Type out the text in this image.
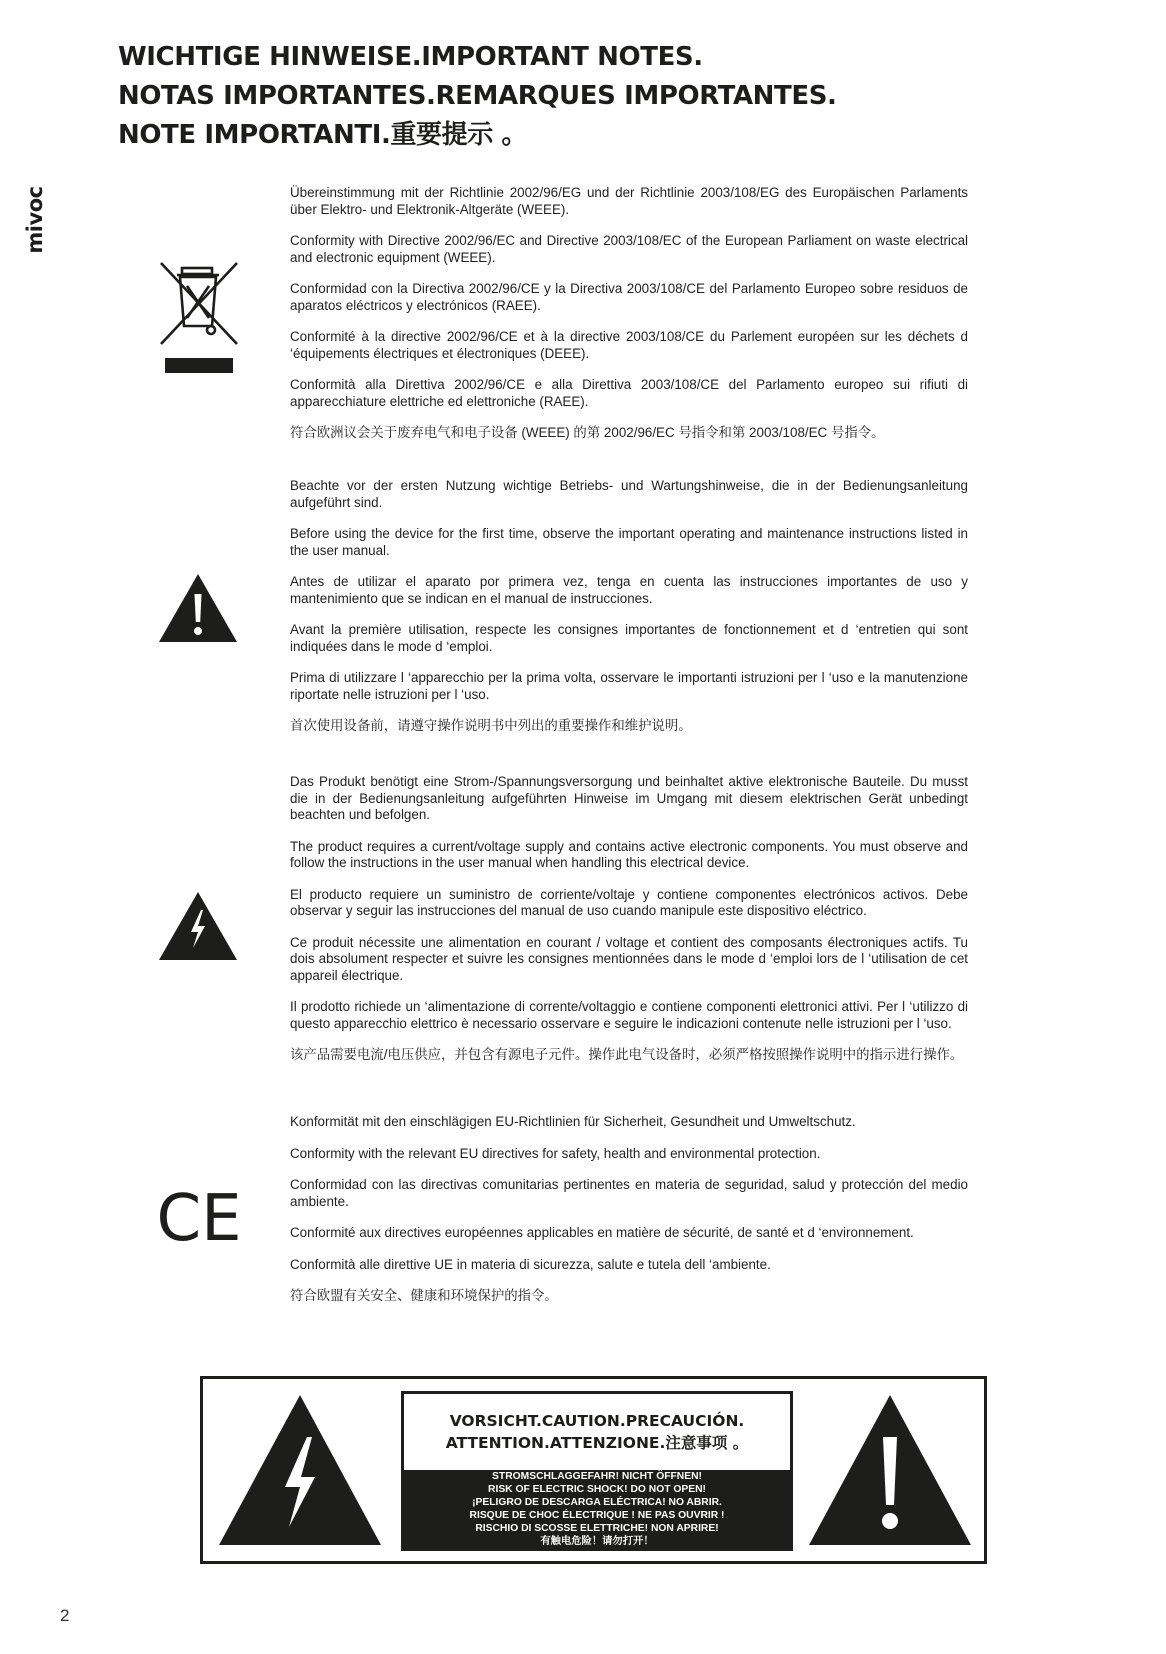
WICHTIGE HINWEISE.IMPORTANT NOTES.
NOTAS IMPORTANTES.REMARQUES IMPORTANTES.
NOTE IMPORTANTI.重要提示 。
mivoc	Übereinstimmung mit der Richtlinie 2002/96/EG und der Richtlinie 2003/108/EG des Europäischen Parlaments über Elektro- und Elektronik-Altgeräte (WEEE).

Conformity with Directive 2002/96/EC and Directive 2003/108/EC of the European Parliament on waste electrical and electronic equipment (WEEE).

Conformidad con la Directiva 2002/96/CE y la Directiva 2003/108/CE del Parlamento Europeo sobre residuos de aparatos eléctricos y electrónicos (RAEE).

Conformité à la directive 2002/96/CE et à la directive 2003/108/CE du Parlement européen sur les déchets d ‘équipements électriques et électroniques (DEEE).

Conformità alla Direttiva 2002/96/CE e alla Direttiva 2003/108/CE del Parlamento europeo sui rifiuti di apparecchiature elettriche ed elettroniche (RAEE).

符合欧洲议会关于废弃电气和电子设备 (WEEE) 的第 2002/96/EC 号指令和第 2003/108/EC 号指令。

Beachte vor der ersten Nutzung wichtige Betriebs- und Wartungshinweise, die in der Bedienungsanleitung aufgeführt sind.

Before using the device for the first time, observe the important operating and maintenance instructions listed in the user manual.

Antes de utilizar el aparato por primera vez, tenga en cuenta las instrucciones importantes de uso y mantenimiento que se indican en el manual de instrucciones.

Avant la première utilisation, respecte les consignes importantes de fonctionnement et d ‘entretien qui sont indiquées dans le mode d ‘emploi.

Prima di utilizzare l ‘apparecchio per la prima volta, osservare le importanti istruzioni per l ‘uso e la manutenzione riportate nelle istruzioni per l ‘uso.

首次使用设备前，请遵守操作说明书中列出的重要操作和维护说明。

Das Produkt benötigt eine Strom-/Spannungsversorgung und beinhaltet aktive elektronische Bauteile. Du musst die in der Bedienungsanleitung aufgeführten Hinweise im Umgang mit diesem elektrischen Gerät unbedingt beachten und befolgen.

The product requires a current/voltage supply and contains active electronic components. You must observe and follow the instructions in the user manual when handling this electrical device.

El producto requiere un suministro de corriente/voltaje y contiene componentes electrónicos activos. Debe observar y seguir las instrucciones del manual de uso cuando manipule este dispositivo eléctrico.

Ce produit nécessite une alimentation en courant / voltage et contient des composants électroniques actifs. Tu dois absolument respecter et suivre les consignes mentionnées dans le mode d ‘emploi lors de l ‘utilisation de cet appareil électrique.

Il prodotto richiede un ‘alimentazione di corrente/voltaggio e contiene componenti elettronici attivi. Per l ‘utilizzo di questo apparecchio elettrico è necessario osservare e seguire le indicazioni contenute nelle istruzioni per l ‘uso.

该产品需要电流/电压供应，并包含有源电子元件。操作此电气设备时，必须严格按照操作说明中的指示进行操作。

CE

Konformität mit den einschlägigen EU-Richtlinien für Sicherheit, Gesundheit und Umweltschutz.

Conformity with the relevant EU directives for safety, health and environmental protection.

Conformidad con las directivas comunitarias pertinentes en materia de seguridad, salud y protección del medio ambiente.

Conformité aux directives européennes applicables en matière de sécurité, de santé et d ‘environnement.

Conformità alle direttive UE in materia di sicurezza, salute e tutela dell ‘ambiente.

符合欧盟有关安全、健康和环境保护的指令。

VORSICHT.CAUTION.PRECAUCIÓN.
ATTENTION.ATTENZIONE.注意事项 。
STROMSCHLAGGEFAHR! NICHT ÖFFNEN!
RISK OF ELECTRIC SHOCK! DO NOT OPEN!
¡PELIGRO DE DESCARGA ELÉCTRICA! NO ABRIR.
RISQUE DE CHOC ÉLECTRIQUE ! NE PAS OUVRIR !
RISCHIO DI SCOSSE ELETTRICHE! NON APRIRE!
有触电危险！请勿打开！
2
